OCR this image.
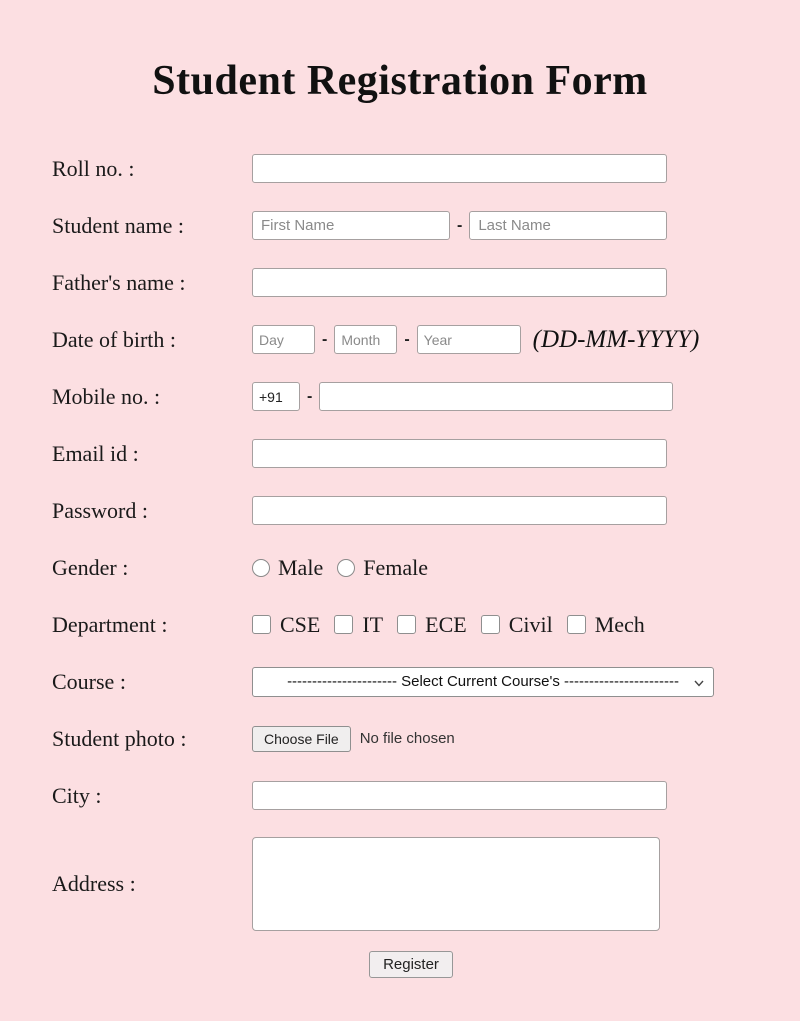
Student Registration Form
Roll no. :
Student name :
First Name	-
Last Name
Father's name :
Date of birth :
Day	-
Month	-
Year	(DD-MM-YYYY)
Mobile no. :
+91	-
Email id :
Password :
Gender :	Male Female
Department :	CSE IT ECE Civil Mech
Course :	---------------------- Select Current Course's -----------------------
Student photo :	Choose File	No file chosen
City :
Address :
Register
